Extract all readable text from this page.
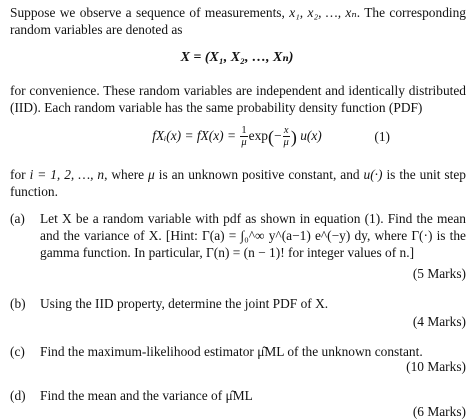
Suppose we observe a sequence of measurements, x₁, x₂, …, xₙ. The corresponding random variables are denoted as
X = (X₁, X₂, …, Xₙ)
for convenience. These random variables are independent and identically distributed (IID). Each random variable has the same probability density function (PDF)
fXᵢ(x) = $fX(x) = \frac{1}{\mu} \exp(- \frac{x}{\mu}$ ) u(x)	(1)
for i = 1, 2, …, n, where μ is an unknown positive constant, and u(·) is the unit step function.
(a) Let X be a random variable with pdf as shown in equation (1). Find the mean and the variance of X. [Hint: Γ(a) = ∫₀^∞ y^(a−1) e^(−y) dy, where Γ(·) is the gamma function. In particular, Γ(n) = (n − 1)! for integer values of n.]
(5 Marks)
(b) Using the IID property, determine the joint PDF of X.
(4 Marks)
(c) Find the maximum-likelihood estimator μ̂ML of the unknown constant.
(10 Marks)
(d) Find the mean and the variance of μ̂ML
(6 Marks)
